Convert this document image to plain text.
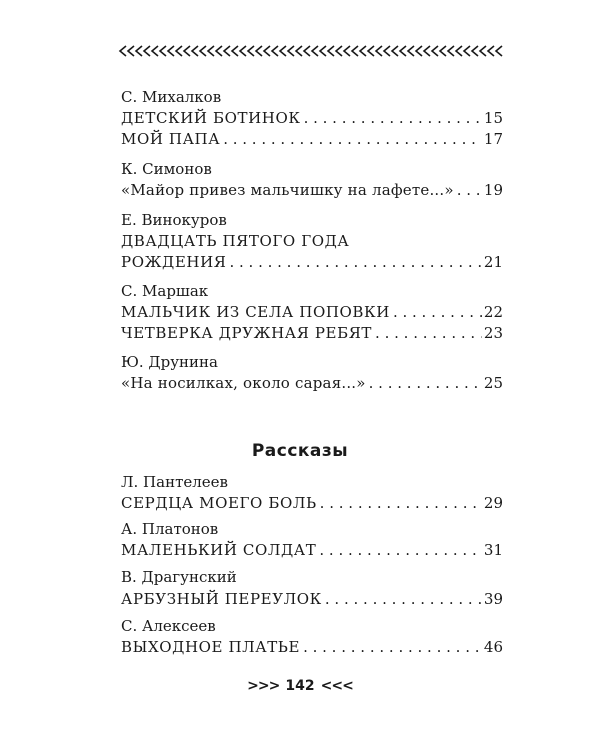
С. Михалков
ДЕТСКИЙ БОТИНОК . . .	15
МОЙ ПАПА . . .	17
К. Симонов
«Майор привез мальчишку на лафете...» . . . 19
Е. Винокуров
ДВАДЦАТЬ ПЯТОГО ГОДА
РОЖДЕНИЯ . . .	21
С. Маршак
МАЛЬЧИК ИЗ СЕЛА ПОПОВКИ . . .	22
ЧЕТВЕРКА ДРУЖНАЯ РЕБЯТ . . .	23
Ю. Друнина
«На носилках, около сарая...» . . .	25
Рассказы
Л. Пантелеев
СЕРДЦА МОЕГО БОЛЬ . . .	29
А. Платонов
МАЛЕНЬКИЙ СОЛДАТ . . .	31
В. Драгунский
АРБУЗНЫЙ ПЕРЕУЛОК . . .	39
С. Алексеев
ВЫХОДНОЕ ПЛАТЬЕ . . .	46
>>> 142 <<<
